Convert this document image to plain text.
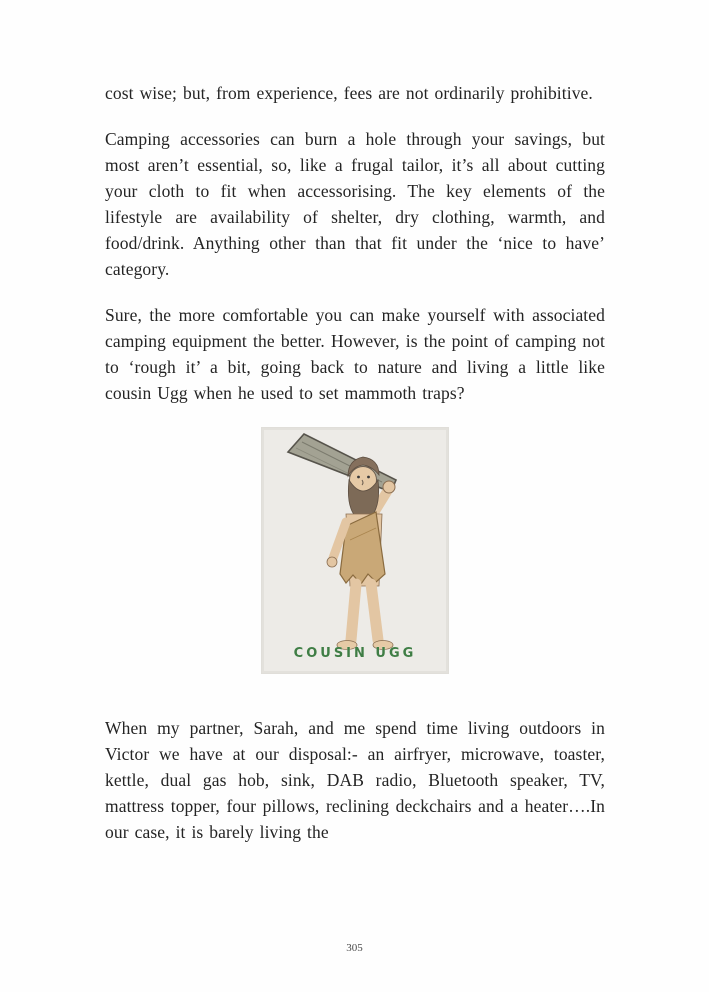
cost wise; but, from experience, fees are not ordinarily prohibitive.

Camping accessories can burn a hole through your savings, but most aren’t essential, so, like a frugal tailor, it’s all about cutting your cloth to fit when accessorising. The key elements of the lifestyle are availability of shelter, dry clothing, warmth, and food/drink. Anything other than that fit under the ‘nice to have’ category.

Sure, the more comfortable you can make yourself with associated camping equipment the better. However, is the point of camping not to ‘rough it’ a bit, going back to nature and living a little like cousin Ugg when he used to set mammoth traps?

COUSIN UGG

When my partner, Sarah, and me spend time living outdoors in Victor we have at our disposal:- an airfryer, microwave, toaster, kettle, dual gas hob, sink, DAB radio, Bluetooth speaker, TV, mattress topper, four pillows, reclining deckchairs and a heater….In our case, it is barely living the

305
